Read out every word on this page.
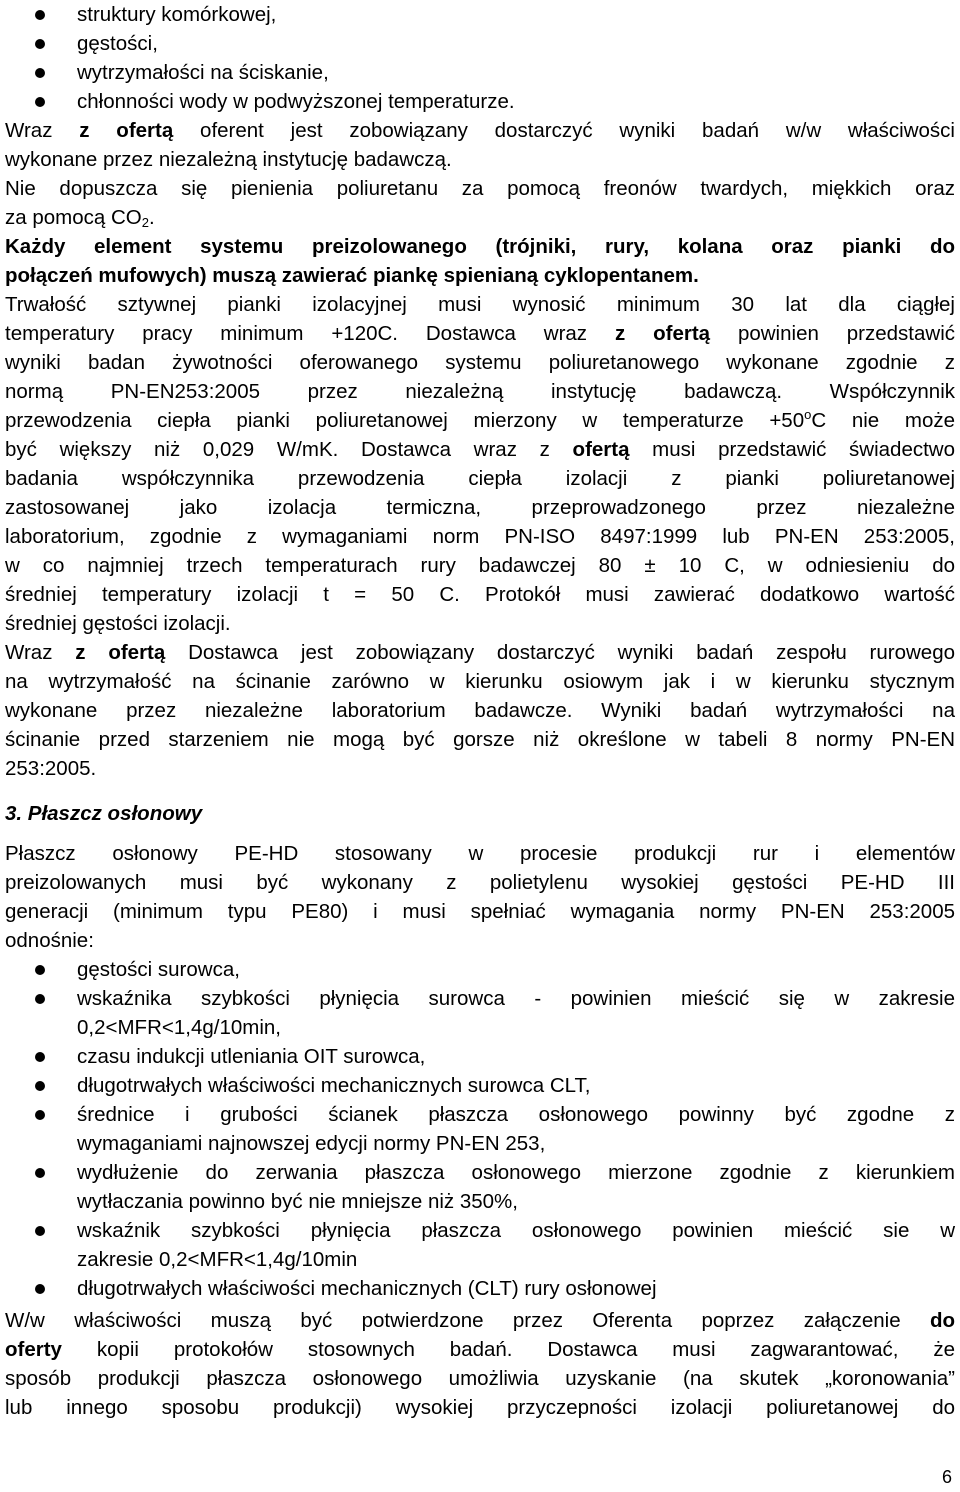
struktury komórkowej,
gęstości,
wytrzymałości na ściskanie,
chłonności wody w podwyższonej temperaturze.
Wraz z ofertą oferent jest zobowiązany dostarczyć wyniki badań w/w właściwości
wykonane przez niezależną instytucję badawczą.
Nie dopuszcza się pienienia poliuretanu za pomocą freonów twardych, miękkich oraz
za pomocą $CO_2$.
Każdy element systemu preizolowanego (trójniki, rury, kolana oraz pianki do
połączeń mufowych) muszą zawierać piankę spienianą cyklopentanem.
Trwałość sztywnej pianki izolacyjnej musi wynosić minimum 30 lat dla ciągłej
temperatury pracy minimum +120C. Dostawca wraz z ofertą powinien przedstawić
wyniki badan żywotności oferowanego systemu poliuretanowego wykonane zgodnie z
normą PN-EN253:2005 przez niezależną instytucję badawczą. Współczynnik
przewodzenia ciepła pianki poliuretanowej mierzony w temperaturze $+50^oC$ nie może
być większy niż 0,029 W/mK. Dostawca wraz z ofertą musi przedstawić świadectwo
badania współczynnika przewodzenia ciepła izolacji z pianki poliuretanowej
zastosowanej jako izolacja termiczna, przeprowadzonego przez niezależne
laboratorium, zgodnie z wymaganiami norm PN-ISO 8497:1999 lub PN-EN 253:2005,
w co najmniej trzech temperaturach rury badawczej 80 ± 10 C, w odniesieniu do
średniej temperatury izolacji t = 50 C. Protokół musi zawierać dodatkowo wartość
średniej gęstości izolacji.
Wraz z ofertą Dostawca jest zobowiązany dostarczyć wyniki badań zespołu rurowego
na wytrzymałość na ścinanie zarówno w kierunku osiowym jak i w kierunku stycznym
wykonane przez niezależne laboratorium badawcze. Wyniki badań wytrzymałości na
ścinanie przed starzeniem nie mogą być gorsze niż określone w tabeli 8 normy PN-EN
253:2005.
3. Płaszcz osłonowy
Płaszcz osłonowy PE-HD stosowany w procesie produkcji rur i elementów
preizolowanych musi być wykonany z polietylenu wysokiej gęstości PE-HD III
generacji (minimum typu PE80) i musi spełniać wymagania normy PN-EN 253:2005
odnośnie:
gęstości surowca,
wskaźnika szybkości płynięcia surowca - powinien mieścić się w zakresie
0,2<MFR<1,4g/10min,
czasu indukcji utleniania OIT surowca,
długotrwałych właściwości mechanicznych surowca CLT,
średnice i grubości ścianek płaszcza osłonowego powinny być zgodne z
wymaganiami najnowszej edycji normy PN-EN 253,
wydłużenie do zerwania płaszcza osłonowego mierzone zgodnie z kierunkiem
wytłaczania powinno być nie mniejsze niż 350%,
wskaźnik szybkości płynięcia płaszcza osłonowego powinien mieścić sie w
zakresie 0,2<MFR<1,4g/10min
długotrwałych właściwości mechanicznych (CLT) rury osłonowej
W/w właściwości muszą być potwierdzone przez Oferenta poprzez załączenie do
oferty kopii protokołów stosownych badań. Dostawca musi zagwarantować, że
sposób produkcji płaszcza osłonowego umożliwia uzyskanie (na skutek „koronowania”
lub innego sposobu produkcji) wysokiej przyczepności izolacji poliuretanowej do
6
